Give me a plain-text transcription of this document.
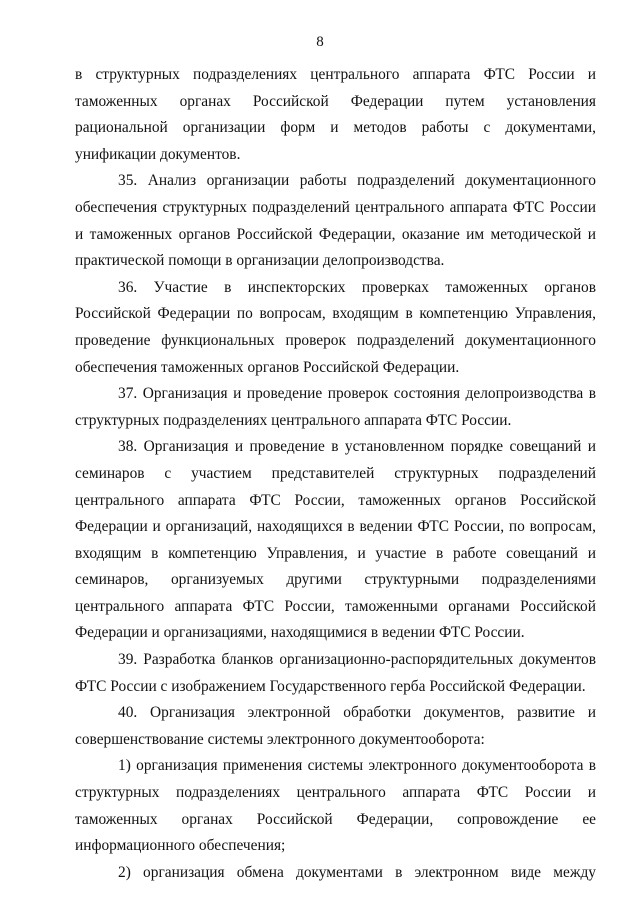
8

в структурных подразделениях центрального аппарата ФТС России и таможенных органах Российской Федерации путем установления рациональной организации форм и методов работы с документами, унификации документов.

35. Анализ организации работы подразделений документационного обеспечения структурных подразделений центрального аппарата ФТС России и таможенных органов Российской Федерации, оказание им методической и практической помощи в организации делопроизводства.

36. Участие в инспекторских проверках таможенных органов Российской Федерации по вопросам, входящим в компетенцию Управления, проведение функциональных проверок подразделений документационного обеспечения таможенных органов Российской Федерации.

37. Организация и проведение проверок состояния делопроизводства в структурных подразделениях центрального аппарата ФТС России.

38. Организация и проведение в установленном порядке совещаний и семинаров с участием представителей структурных подразделений центрального аппарата ФТС России, таможенных органов Российской Федерации и организаций, находящихся в ведении ФТС России, по вопросам, входящим в компетенцию Управления, и участие в работе совещаний и семинаров, организуемых другими структурными подразделениями центрального аппарата ФТС России, таможенными органами Российской Федерации и организациями, находящимися в ведении ФТС России.

39. Разработка бланков организационно-распорядительных документов ФТС России с изображением Государственного герба Российской Федерации.

40. Организация электронной обработки документов, развитие и совершенствование системы электронного документооборота:

1) организация применения системы электронного документооборота в структурных подразделениях центрального аппарата ФТС России и таможенных органах Российской Федерации, сопровождение ее информационного обеспечения;

2) организация обмена документами в электронном виде между
